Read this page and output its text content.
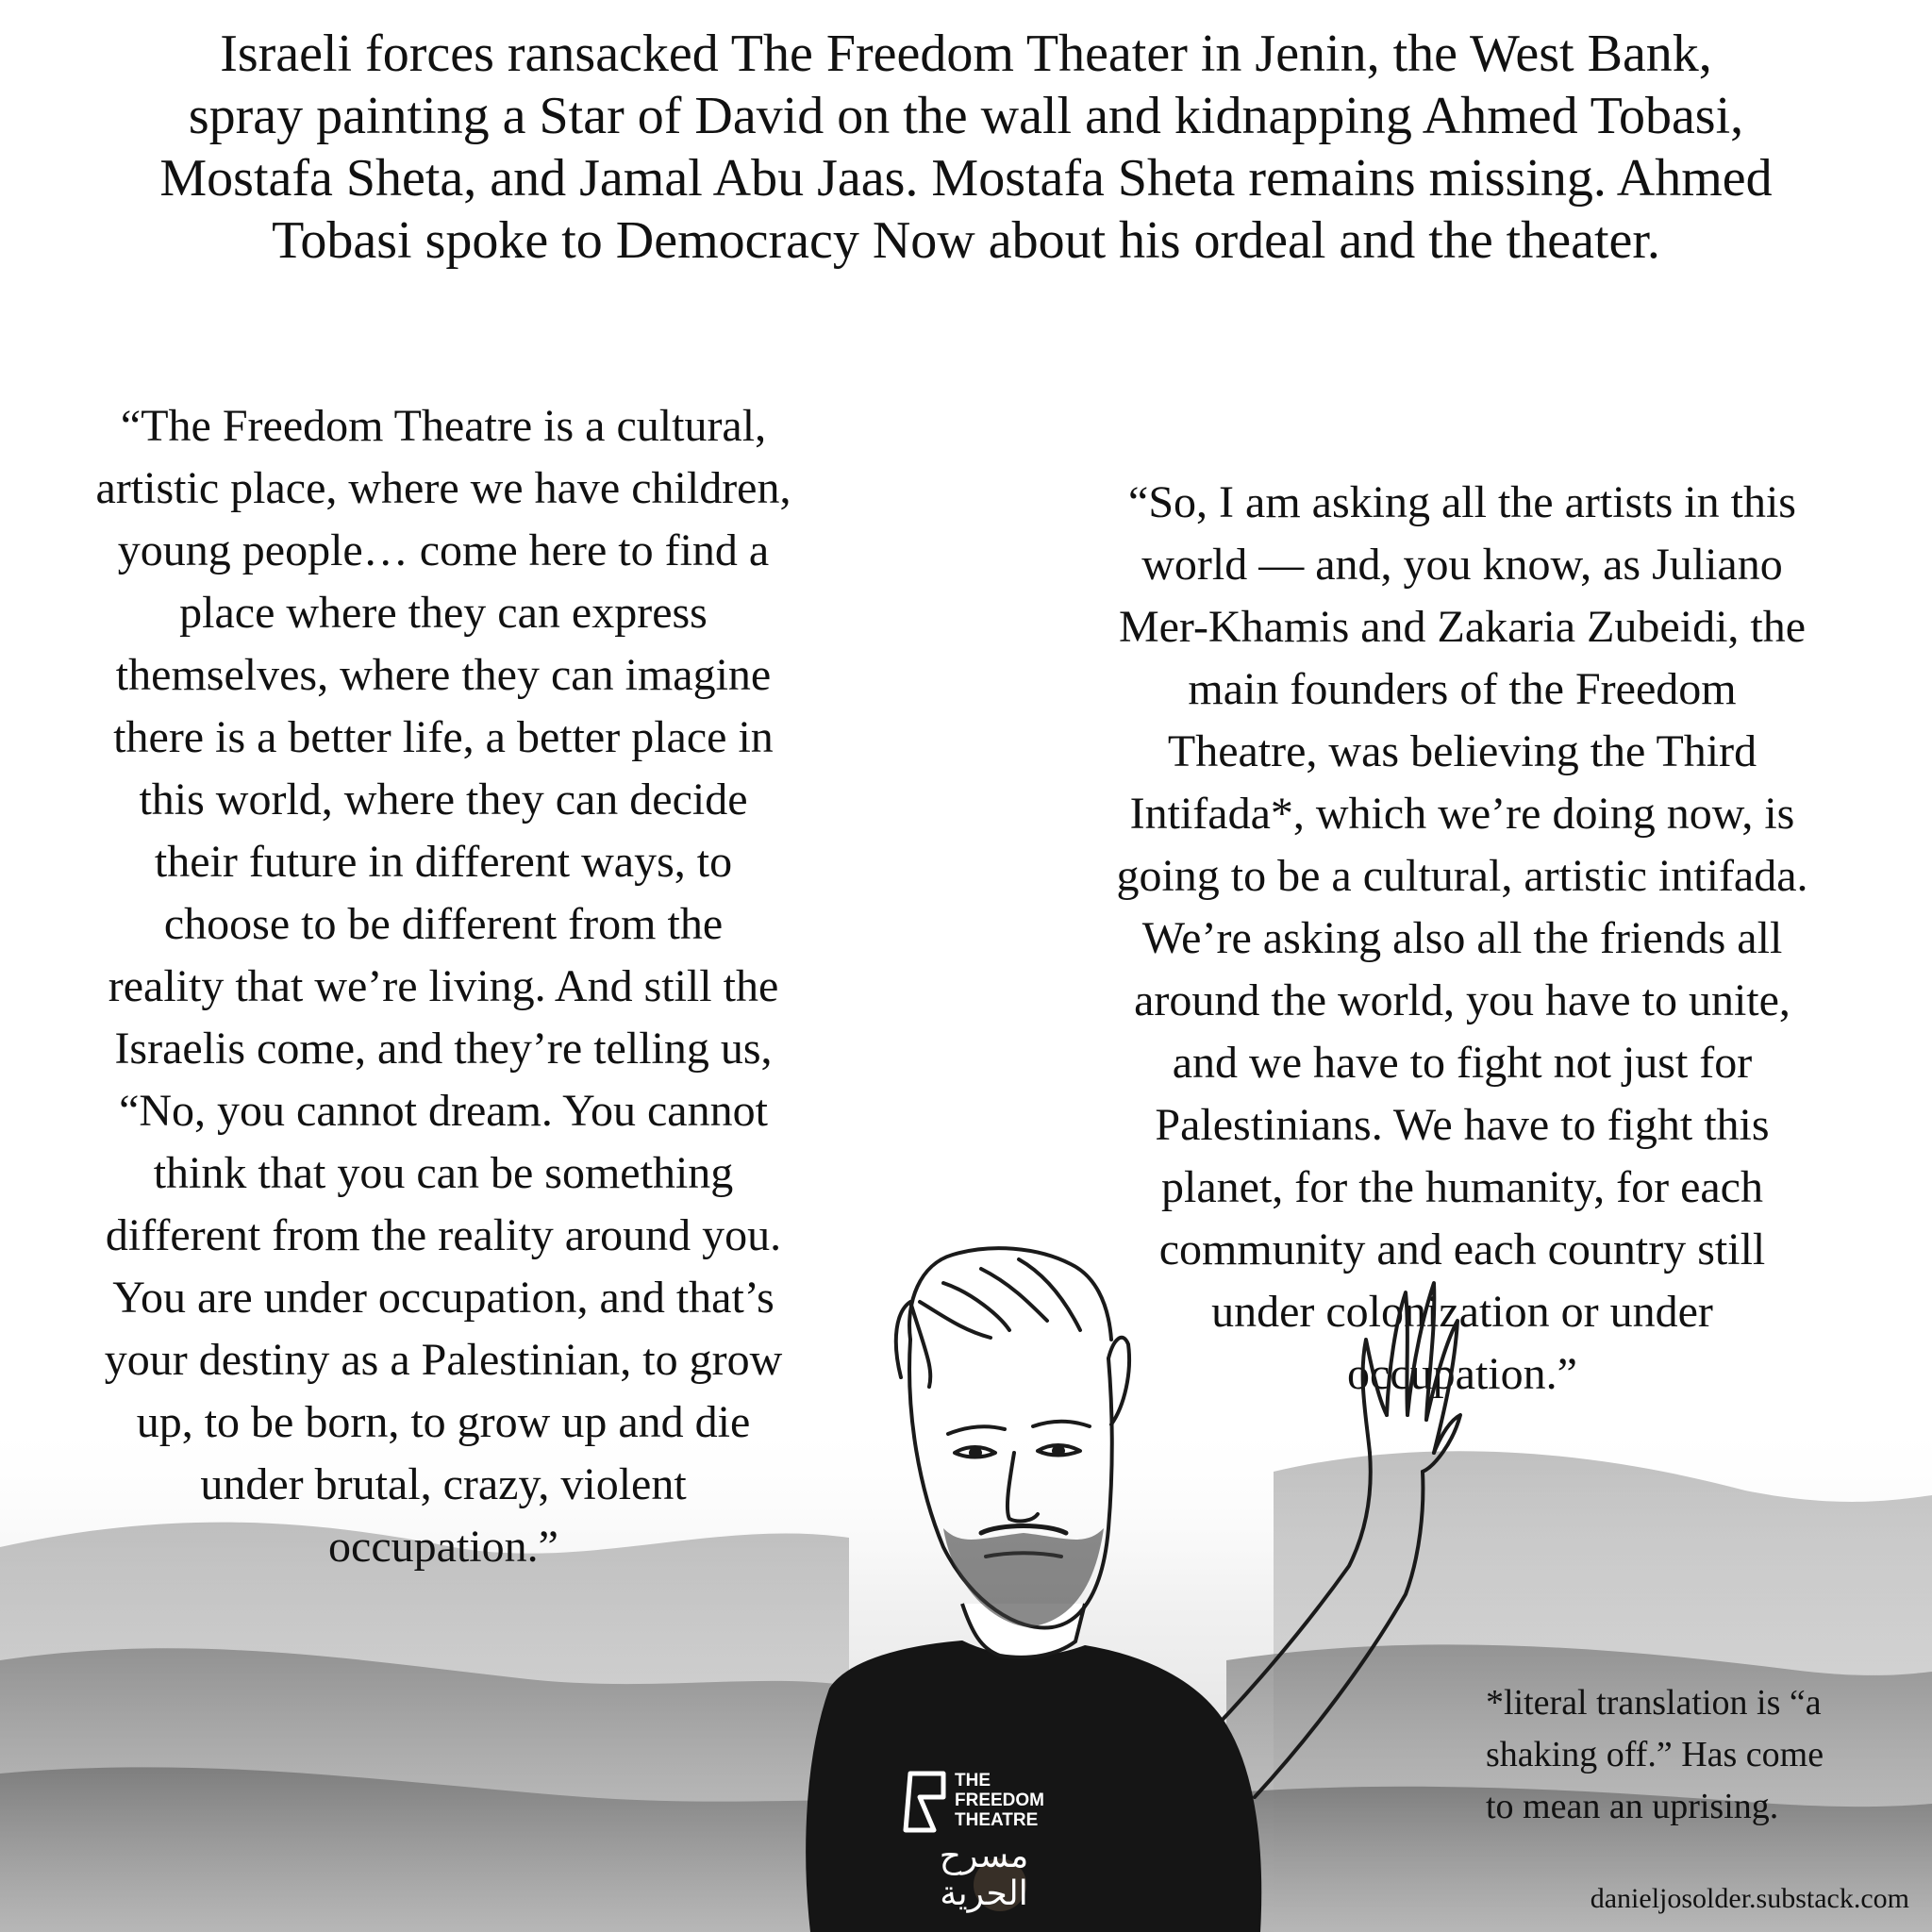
Israeli forces ransacked The Freedom Theater in Jenin, the West Bank,
spray painting a Star of David on the wall and kidnapping Ahmed Tobasi,
Mostafa Sheta, and Jamal Abu Jaas. Mostafa Sheta remains missing. Ahmed
Tobasi spoke to Democracy Now about his ordeal and the theater.
“The Freedom Theatre is a cultural,
artistic place, where we have children,
young people… come here to find a
place where they can express
themselves, where they can imagine
there is a better life, a better place in
this world, where they can decide
their future in different ways, to
choose to be different from the
reality that we’re living. And still the
Israelis come, and they’re telling us,
“No, you cannot dream. You cannot
think that you can be something
different from the reality around you.
You are under occupation, and that’s
your destiny as a Palestinian, to grow
up, to be born, to grow up and die
under brutal, crazy, violent
occupation.”
“So, I am asking all the artists in this
world — and, you know, as Juliano
Mer-Khamis and Zakaria Zubeidi, the
main founders of the Freedom
Theatre, was believing the Third
Intifada*, which we’re doing now, is
going to be a cultural, artistic intifada.
We’re asking also all the friends all
around the world, you have to unite,
and we have to fight not just for
Palestinians. We have to fight this
planet, for the humanity, for each
community and each country still
under colonization or under
occupation.”
THE
FREEDOM
THEATRE
مسرح الحرية
*literal translation is “a
shaking off.” Has come
to mean an uprising.
danieljosolder.substack.com
